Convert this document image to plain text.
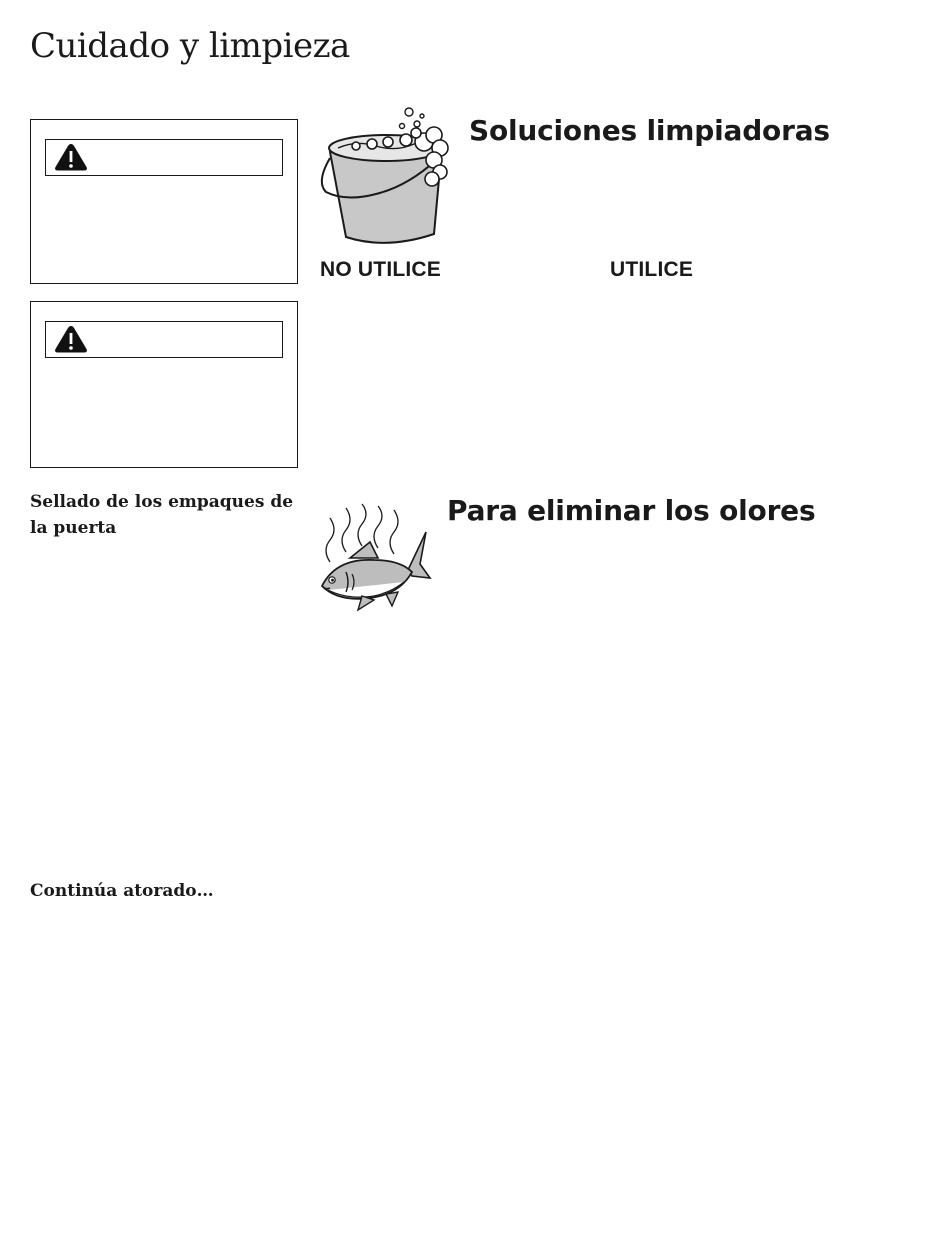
Cuidado y limpieza
Soluciones limpiadoras
NO UTILICE	UTILICE

Sellado de los empaques de la puerta

Para eliminar los olores

Continúa atorado…
